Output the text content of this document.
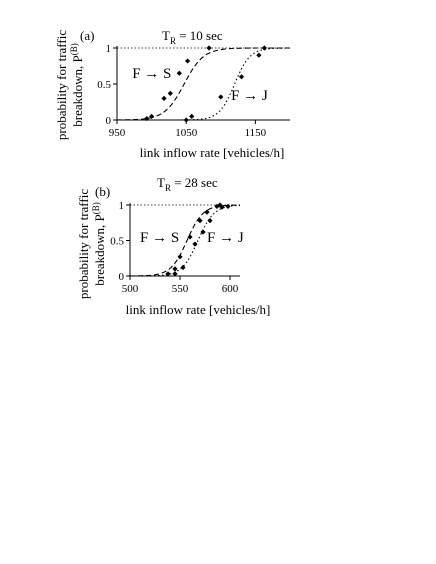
(a)	$T_R = 10$ sec
probability for traffic breakdown, $P^{(B)}$
link inflow rate [vehicles/h]
0
0.5
1
950	1050	1150
F → S
F → J
(b)
$T_R = 28$ sec
probability for traffic breakdown, $P^{(B)}$
link inflow rate [vehicles/h]
0
0.5
1
500	550	600
F → S F → J
